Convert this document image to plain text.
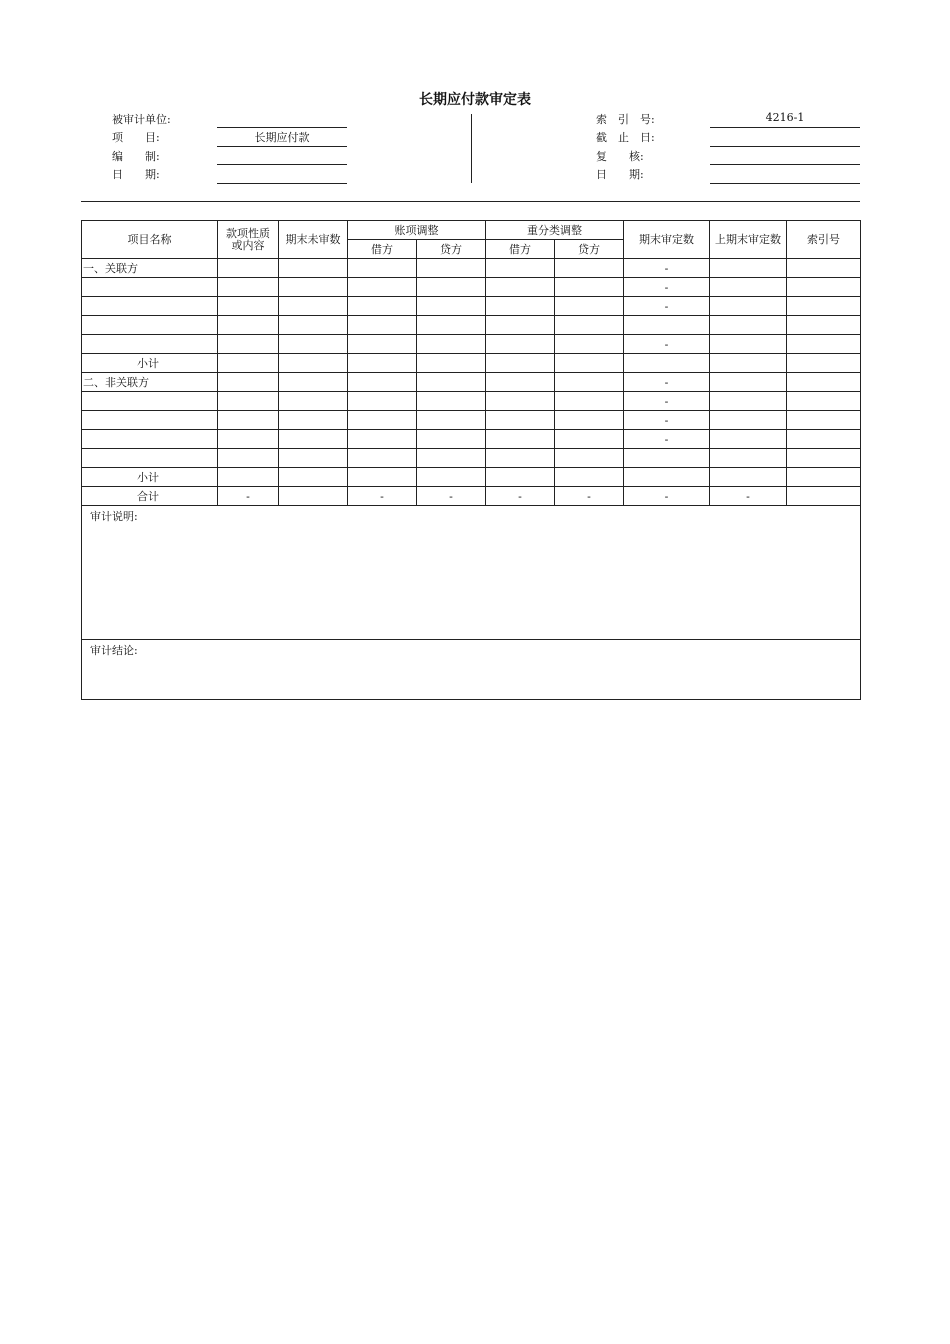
长期应付款审定表
被审计单位:
项　　目:	长期应付款
编　　制:
日　　期:
索　引　号:	4216-1
截　止　日:
复　　核:
日　　期:
项目名称	款项性质或内容	期末未审数	账项调整		重分类调整		期末审定数	上期末审定数	索引号
			借方	贷方	借方	贷方			
一、关联方							-		
							-		
							-		

							-		
小计									
二、非关联方							-		
							-		
							-		
							-		

小计									
合计	-		-	-	-	-	-	-	
审计说明:									
审计结论:									
